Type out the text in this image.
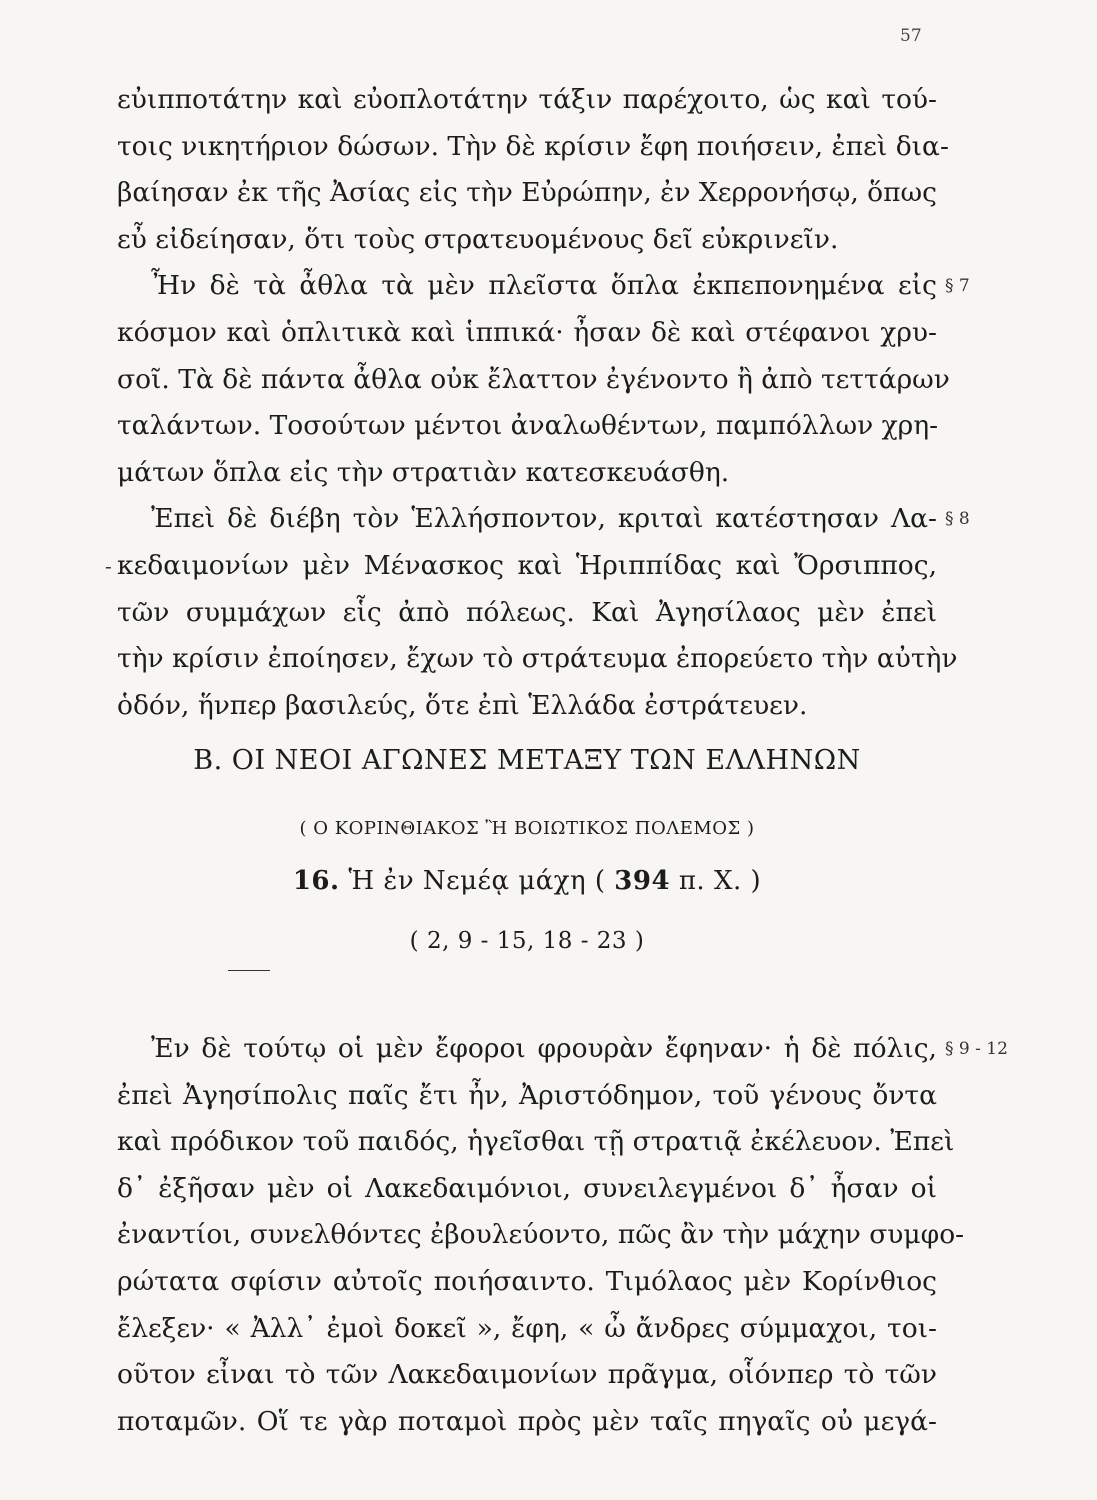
57
εὐιπποτάτην καὶ εὐοπλοτάτην τάξιν παρέχοιτο, ὡς καὶ τού-
τοις νικητήριον δώσων. Τὴν δὲ κρίσιν ἔφη ποιήσειν, ἐπεὶ δια-
βαίησαν ἐκ τῆς Ἀσίας εἰς τὴν Εὐρώπην, ἐν Χερρονήσῳ, ὅπως
εὖ εἰδείησαν, ὅτι τοὺς στρατευομένους δεῖ εὐκρινεῖν.
Ἦν δὲ τὰ ἆθλα τὰ μὲν πλεῖστα ὅπλα ἐκπεπονημένα εἰς § 7
κόσμον καὶ ὁπλιτικὰ καὶ ἱππικά· ἦσαν δὲ καὶ στέφανοι χρυ-
σοῖ. Τὰ δὲ πάντα ἆθλα οὐκ ἔλαττον ἐγένοντο ἢ ἀπὸ τεττάρων
ταλάντων. Τοσούτων μέντοι ἀναλωθέντων, παμπόλλων χρη-
μάτων ὅπλα εἰς τὴν στρατιὰν κατεσκευάσθη.
Ἐπεὶ δὲ διέβη τὸν Ἑλλήσποντον, κριταὶ κατέστησαν Λα- § 8
- κεδαιμονίων μὲν Μένασκος καὶ Ἡριππίδας καὶ Ὄρσιππος,
τῶν συμμάχων εἷς ἀπὸ πόλεως. Καὶ Ἀγησίλαος μὲν ἐπεὶ
τὴν κρίσιν ἐποίησεν, ἔχων τὸ στράτευμα ἐπορεύετο τὴν αὐτὴν
ὁδόν, ἥνπερ βασιλεύς, ὅτε ἐπὶ Ἑλλάδα ἐστράτευεν.
Β. ΟΙ ΝΕΟΙ ΑΓΩΝΕΣ ΜΕΤΑΞΥ ΤΩΝ ΕΛΛΗΝΩΝ
( Ο ΚΟΡΙΝΘΙΑΚΟΣ Ἢ ΒΟΙΩΤΙΚΟΣ ΠΟΛΕΜΟΣ )
16. Ἡ ἐν Νεμέᾳ μάχη ( 394 π. Χ. )
( 2, 9 - 15, 18 - 23 )
Ἐν δὲ τούτῳ οἱ μὲν ἔφοροι φρουρὰν ἔφηναν· ἡ δὲ πόλις, § 9 - 12
ἐπεὶ Ἀγησίπολις παῖς ἔτι ἦν, Ἀριστόδημον, τοῦ γένους ὄντα
καὶ πρόδικον τοῦ παιδός, ἡγεῖσθαι τῇ στρατιᾷ ἐκέλευον. Ἐπεὶ
δ᾽ ἐξῆσαν μὲν οἱ Λακεδαιμόνιοι, συνειλεγμένοι δ᾽ ἦσαν οἱ
ἐναντίοι, συνελθόντες ἐβουλεύοντο, πῶς ἂν τὴν μάχην συμφο-
ρώτατα σφίσιν αὐτοῖς ποιήσαιντο. Τιμόλαος μὲν Κορίνθιος
ἔλεξεν· « Ἀλλ᾽ ἐμοὶ δοκεῖ », ἔφη, « ὦ ἄνδρες σύμμαχοι, τοι-
οῦτον εἶναι τὸ τῶν Λακεδαιμονίων πρᾶγμα, οἷόνπερ τὸ τῶν
ποταμῶν. Οἵ τε γὰρ ποταμοὶ πρὸς μὲν ταῖς πηγαῖς οὐ μεγά-
